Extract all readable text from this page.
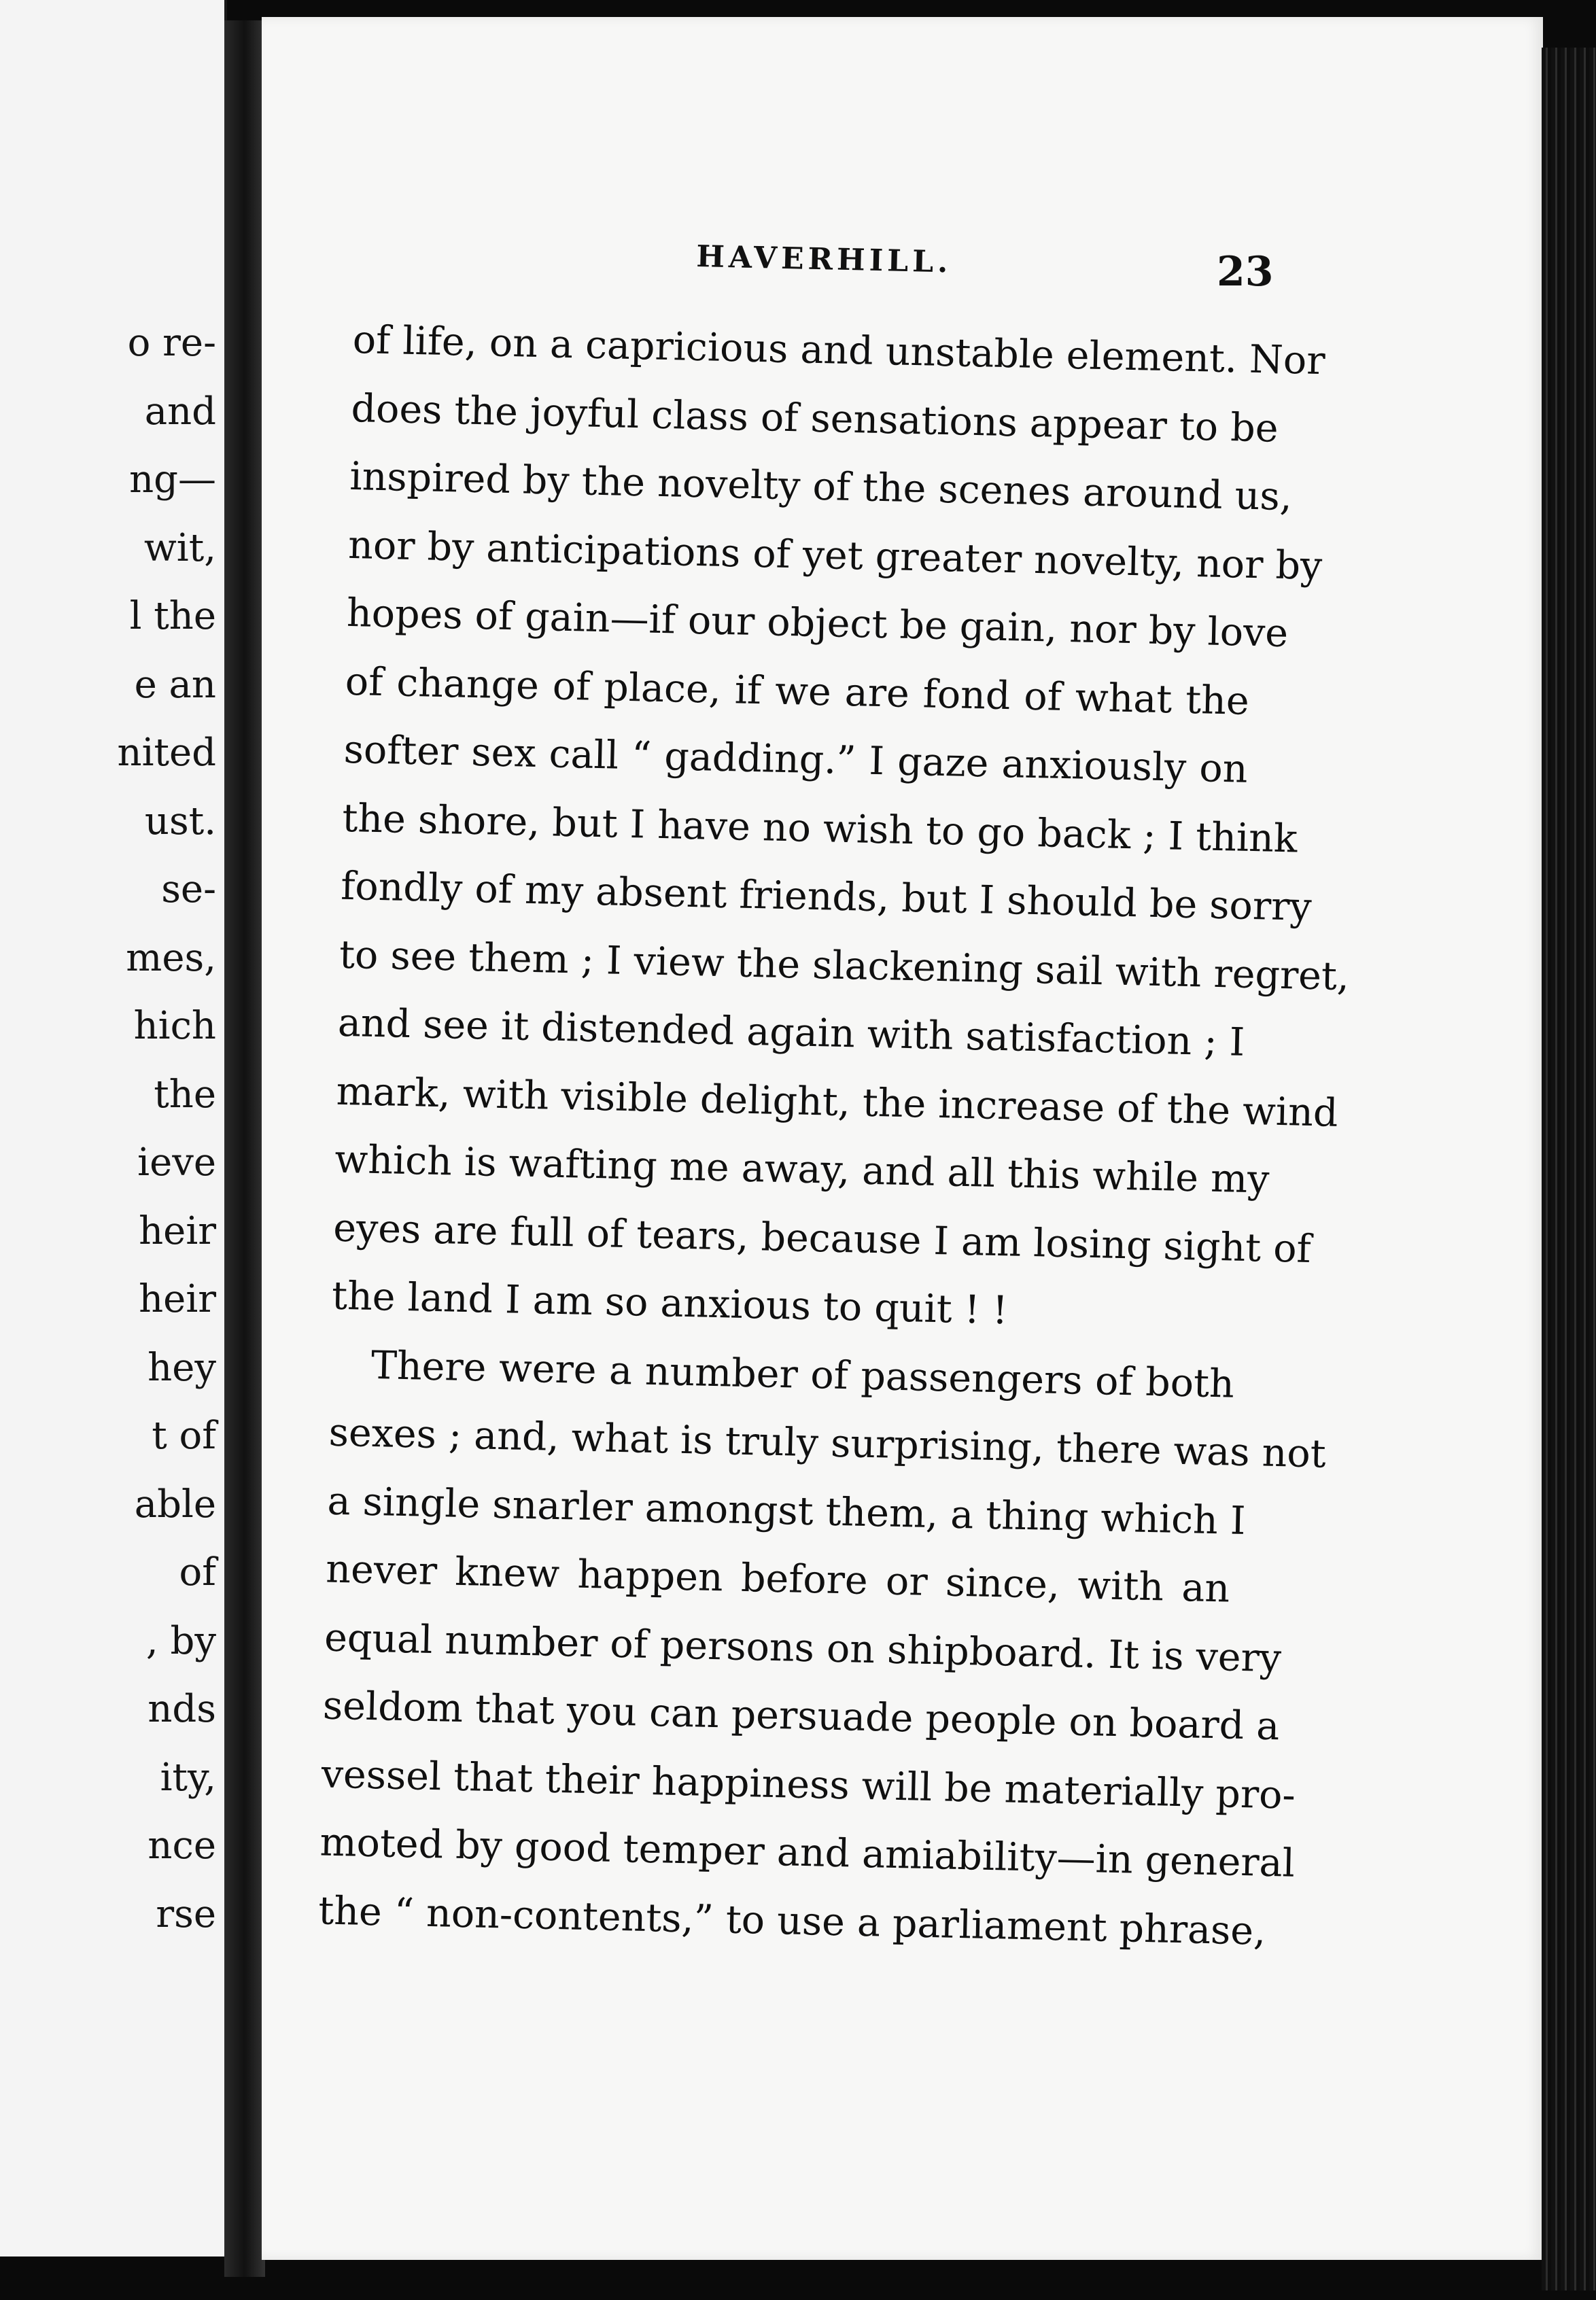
o re-
and
ng—
wit,
l the
e an
nited
ust.
se-
mes,
hich
the
ieve
heir
heir
hey
t of
able
of
, by
nds
ity,
nce
rse
HAVERHILL.	23
of life, on a capricious and unstable element. Nor
does the joyful class of sensations appear to be
inspired by the novelty of the scenes around us,
nor by anticipations of yet greater novelty, nor by
hopes of gain—if our object be gain, nor by love
of change of place, if we are fond of what the
softer sex call “ gadding.” I gaze anxiously on
the shore, but I have no wish to go back ; I think
fondly of my absent friends, but I should be sorry
to see them ; I view the slackening sail with regret,
and see it distended again with satisfaction ; I
mark, with visible delight, the increase of the wind
which is wafting me away, and all this while my
eyes are full of tears, because I am losing sight of
the land I am so anxious to quit ! !
There were a number of passengers of both
sexes ; and, what is truly surprising, there was not
a single snarler amongst them, a thing which I
never knew happen before or since, with an
equal number of persons on shipboard. It is very
seldom that you can persuade people on board a
vessel that their happiness will be materially pro-
moted by good temper and amiability—in general
the “ non-contents,” to use a parliament phrase,
